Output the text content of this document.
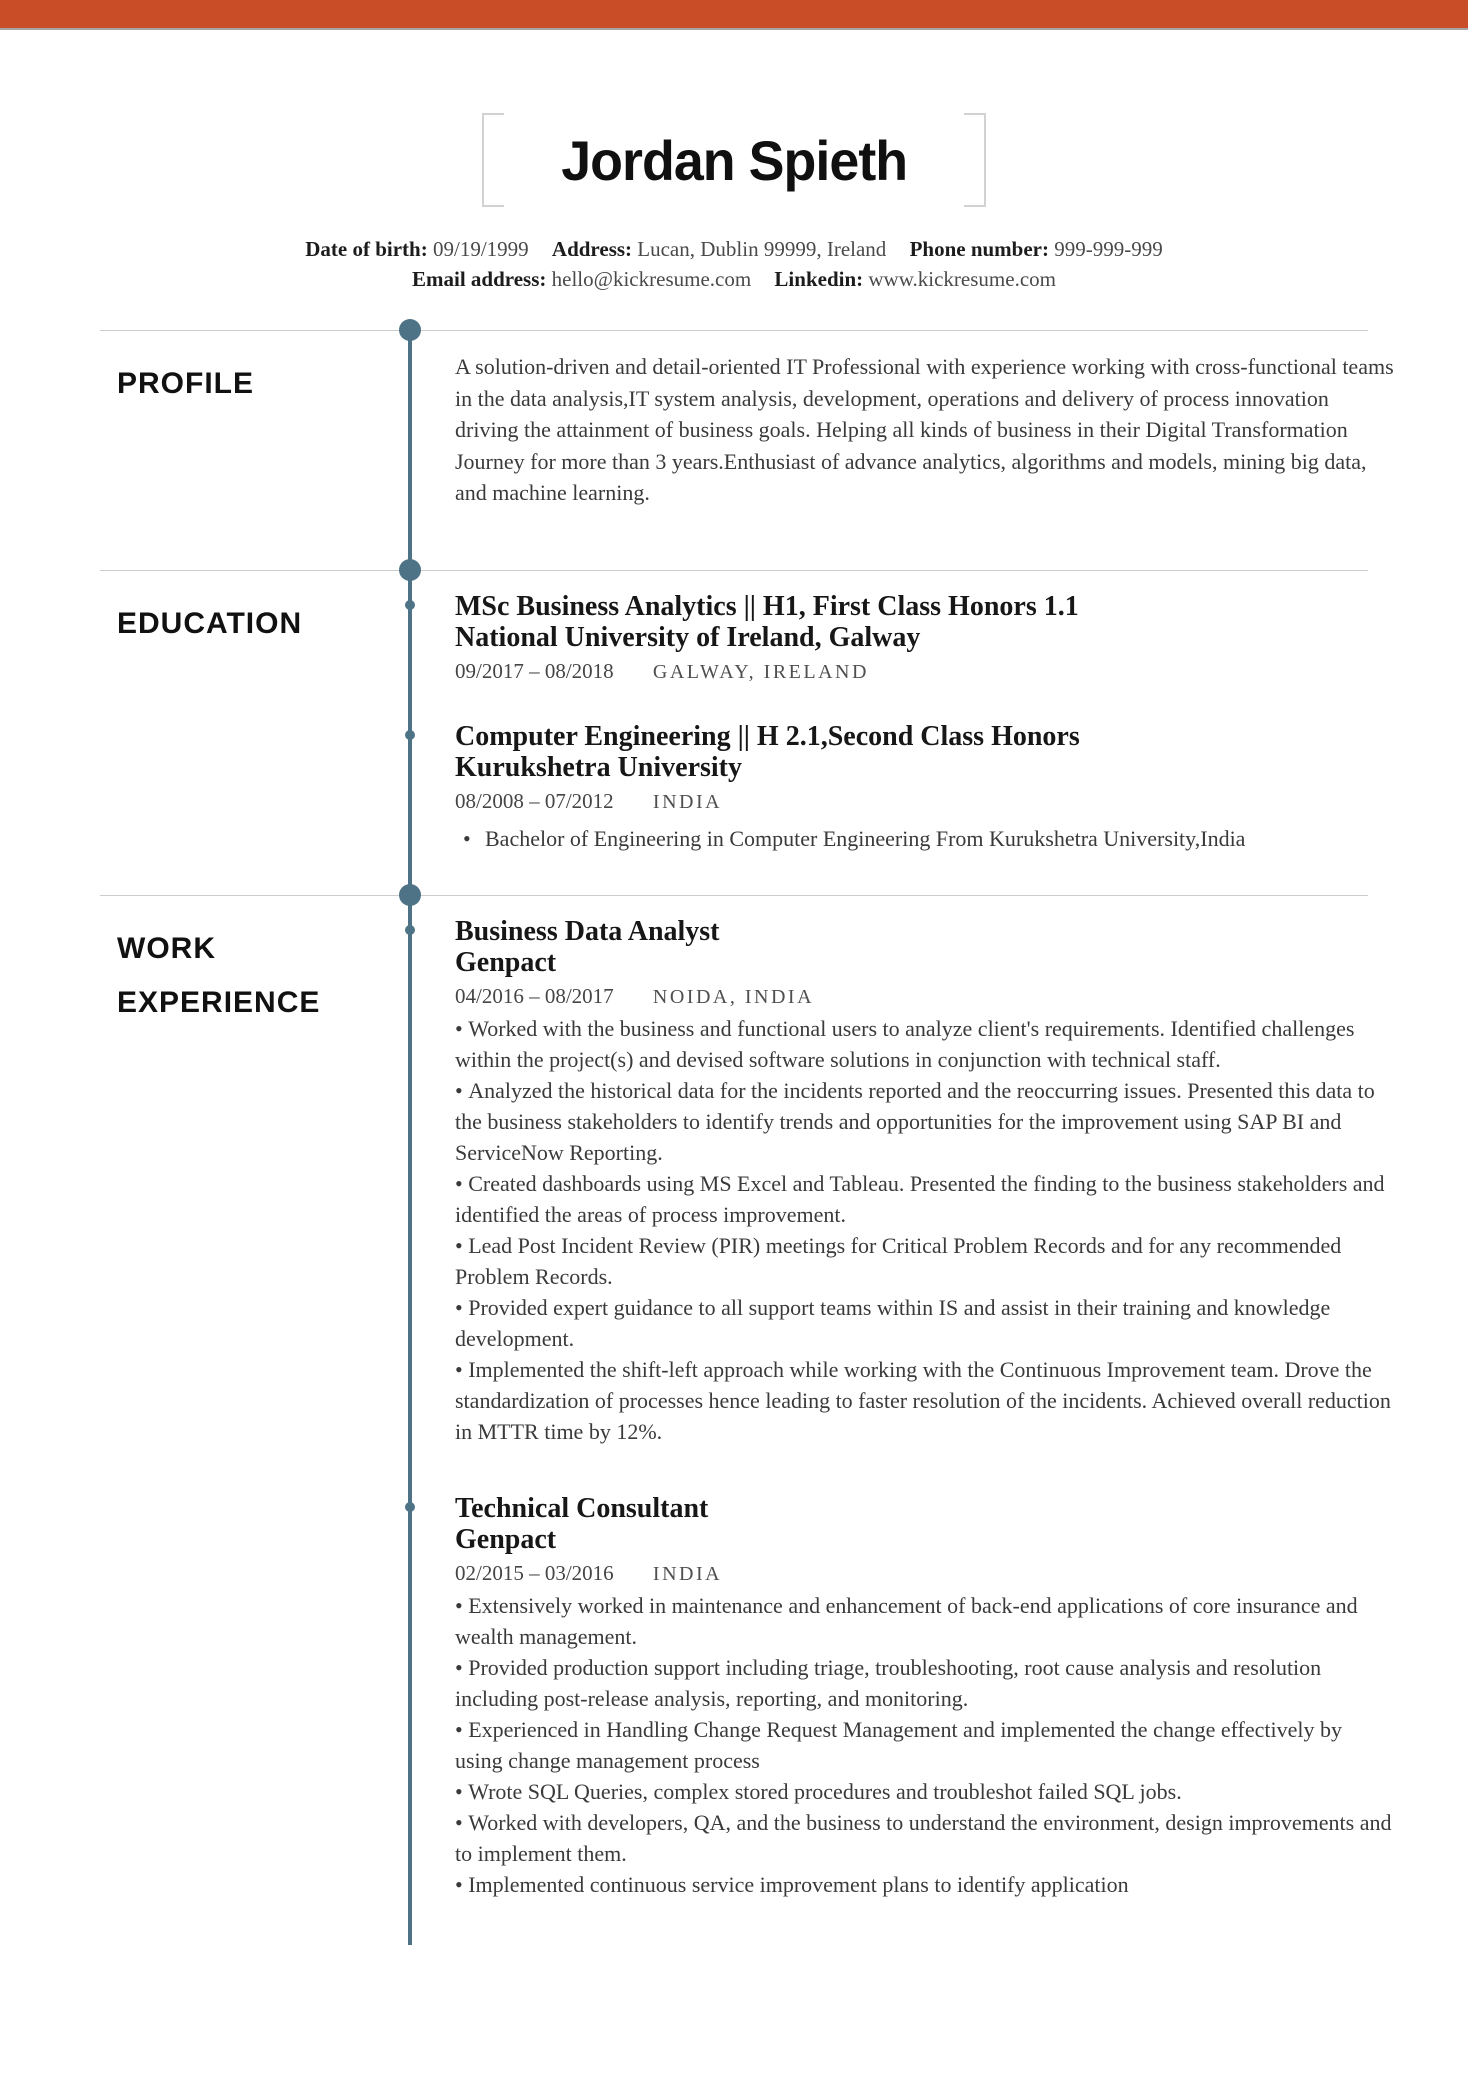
Jordan Spieth
Date of birth: 09/19/1999 Address: Lucan, Dublin 99999, Ireland Phone number: 999-999-999
Email address: hello@kickresume.com Linkedin: www.kickresume.com
PROFILE

A solution-driven and detail-oriented IT Professional with experience working with cross-functional teams in the data analysis,IT system analysis, development, operations and delivery of process innovation driving the attainment of business goals. Helping all kinds of business in their Digital Transformation Journey for more than 3 years.Enthusiast of advance analytics, algorithms and models, mining big data, and machine learning.

EDUCATION
MSc Business Analytics || H1, First Class Honors 1.1
National University of Ireland, Galway
09/2017 – 08/2018 GALWAY, IRELAND
Computer Engineering || H 2.1,Second Class Honors
Kurukshetra University
08/2008 – 07/2012 INDIA
• Bachelor of Engineering in Computer Engineering From Kurukshetra University,India
WORK
EXPERIENCE
Business Data Analyst
Genpact
04/2016 – 08/2017 NOIDA, INDIA

• Worked with the business and functional users to analyze client's requirements. Identified challenges within the project(s) and devised software solutions in conjunction with technical staff.

• Analyzed the historical data for the incidents reported and the reoccurring issues. Presented this data to the business stakeholders to identify trends and opportunities for the improvement using SAP BI and ServiceNow Reporting.

• Created dashboards using MS Excel and Tableau. Presented the finding to the business stakeholders and identified the areas of process improvement.

• Lead Post Incident Review (PIR) meetings for Critical Problem Records and for any recommended Problem Records.

• Provided expert guidance to all support teams within IS and assist in their training and knowledge development.

• Implemented the shift-left approach while working with the Continuous Improvement team. Drove the standardization of processes hence leading to faster resolution of the incidents. Achieved overall reduction in MTTR time by 12%.

Technical Consultant
Genpact
02/2015 – 03/2016 INDIA

• Extensively worked in maintenance and enhancement of back-end applications of core insurance and wealth management.

• Provided production support including triage, troubleshooting, root cause analysis and resolution including post-release analysis, reporting, and monitoring.

• Experienced in Handling Change Request Management and implemented the change effectively by using change management process

• Wrote SQL Queries, complex stored procedures and troubleshot failed SQL jobs.

• Worked with developers, QA, and the business to understand the environment, design improvements and to implement them.

• Implemented continuous service improvement plans to identify application
